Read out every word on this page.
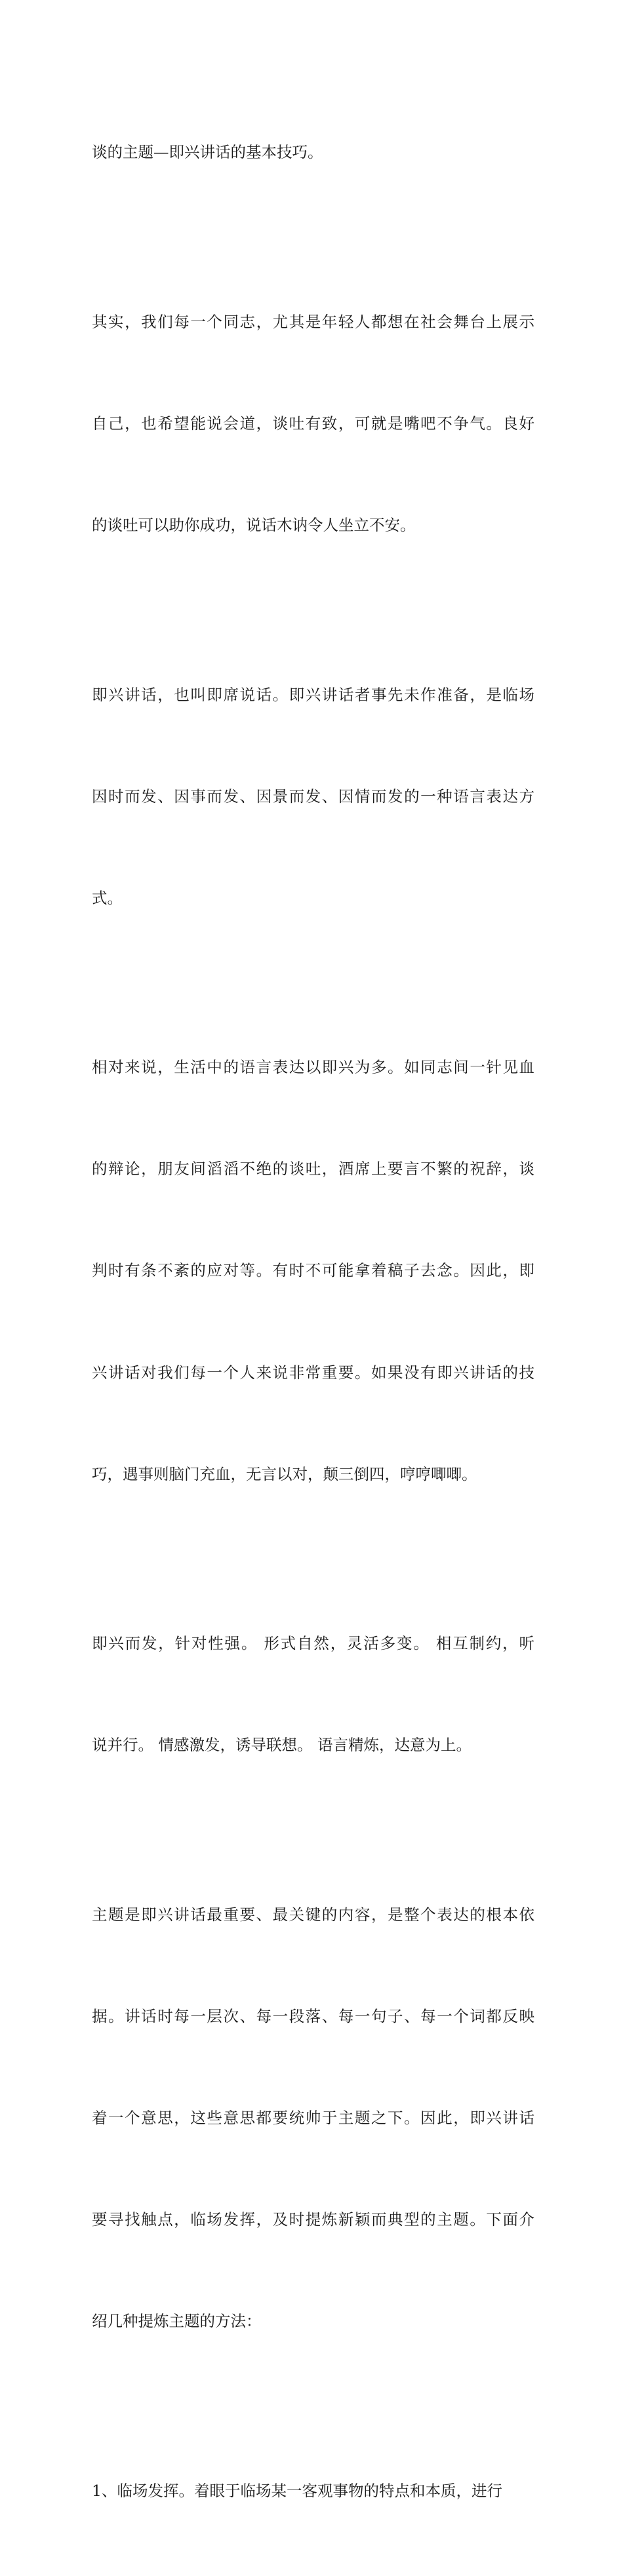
谈的主题—即兴讲话的基本技巧。

其实，我们每一个同志，尤其是年轻人都想在社会舞台上展示

自己，也希望能说会道，谈吐有致，可就是嘴吧不争气。良好

的谈吐可以助你成功，说话木讷令人坐立不安。

即兴讲话，也叫即席说话。即兴讲话者事先未作准备，是临场

因时而发、因事而发、因景而发、因情而发的一种语言表达方

式。

相对来说，生活中的语言表达以即兴为多。如同志间一针见血

的辩论，朋友间滔滔不绝的谈吐，酒席上要言不繁的祝辞，谈

判时有条不紊的应对等。有时不可能拿着稿子去念。因此，即

兴讲话对我们每一个人来说非常重要。如果没有即兴讲话的技

巧，遇事则脑门充血，无言以对，颠三倒四，哼哼唧唧。

即兴而发，针对性强。 形式自然，灵活多变。 相互制约，听

说并行。 情感激发，诱导联想。 语言精炼，达意为上。

主题是即兴讲话最重要、最关键的内容，是整个表达的根本依

据。讲话时每一层次、每一段落、每一句子、每一个词都反映

着一个意思，这些意思都要统帅于主题之下。因此，即兴讲话

要寻找触点，临场发挥，及时提炼新颖而典型的主题。下面介

绍几种提炼主题的方法：

1、临场发挥。着眼于临场某一客观事物的特点和本质，进行
